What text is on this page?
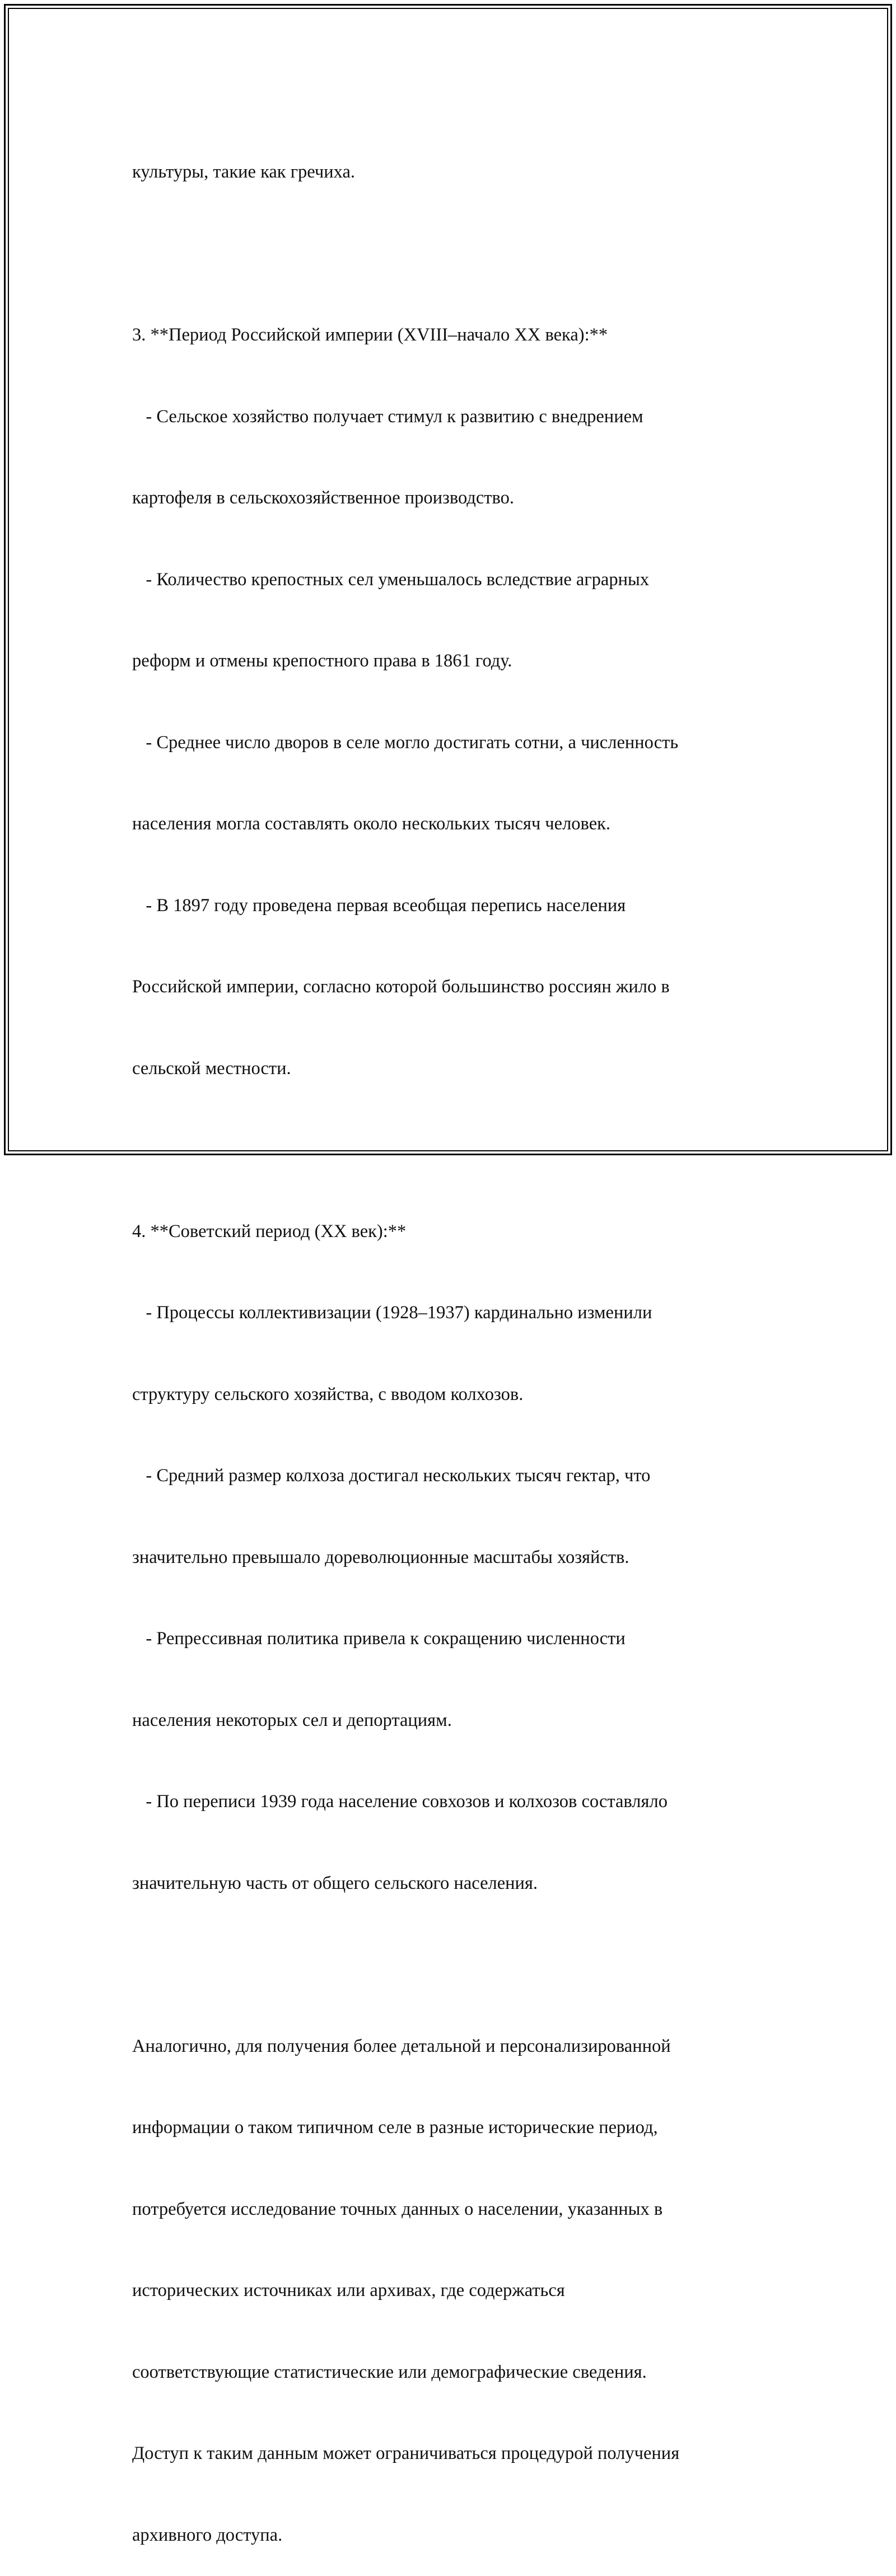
культуры, такие как гречиха.

3. **Период Российской империи (XVIII–начало XX века):**

- Сельское хозяйство получает стимул к развитию с внедрением

картофеля в сельскохозяйственное производство.

- Количество крепостных сел уменьшалось вследствие аграрных

реформ и отмены крепостного права в 1861 году.

- Среднее число дворов в селе могло достигать сотни, а численность

населения могла составлять около нескольких тысяч человек.

- В 1897 году проведена первая всеобщая перепись населения

Российской империи, согласно которой большинство россиян жило в

сельской местности.

4. **Советский период (XX век):**

- Процессы коллективизации (1928–1937) кардинально изменили

структуру сельского хозяйства, с вводом колхозов.

- Средний размер колхоза достигал нескольких тысяч гектар, что

значительно превышало дореволюционные масштабы хозяйств.

- Репрессивная политика привела к сокращению численности

населения некоторых сел и депортациям.

- По переписи 1939 года население совхозов и колхозов составляло

значительную часть от общего сельского населения.

Аналогично, для получения более детальной и персонализированной

информации о таком типичном селе в разные исторические период,

потребуется исследование точных данных о населении, указанных в

исторических источниках или архивах, где содержаться

соответствующие статистические или демографические сведения.

Доступ к таким данным может ограничиваться процедурой получения

архивного доступа.
